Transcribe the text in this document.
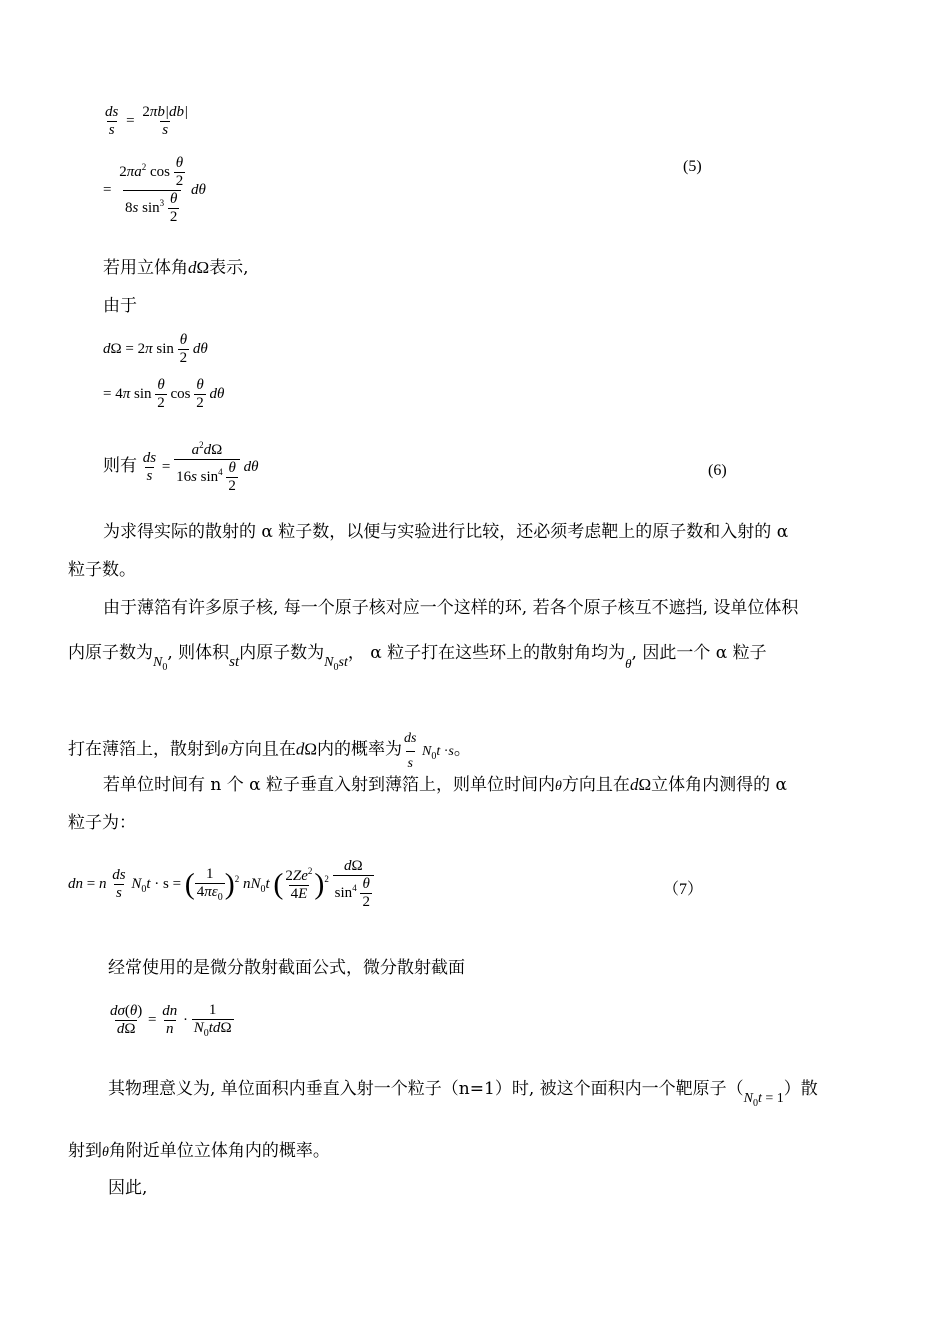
$\frac{ds}{s} = \frac{2\pi b|db|}{s}$
= $\frac{2\pi a^2 \cos \frac{\theta}{2}}{8s \sin^3 \frac{\theta}{2}}$ dθ
(5)
若用立体角dΩ表示,
由于
dΩ = 2π $\sin \frac{\theta}{2}$ dθ
= 4π $\sin \frac{\theta}{2}$ $\cos \frac{\theta}{2}$ dθ
则有 $\frac{ds}{s} = \frac{a^2d\Omega}{16s \sin^4 \frac{\theta}{2}}$ dθ	(6)
为求得实际的散射的 α 粒子数，以便与实验进行比较，还必须考虑靶上的原子数和入射的 α
粒子数。
由于薄箔有许多原子核, 每一个原子核对应一个这样的环, 若各个原子核互不遮挡, 设单位体积
内原子数为$_{N_0}$, 则体积st内原子数为$_{N_0st}$， α 粒子打在这些环上的散射角均为$_\theta$, 因此一个 α 粒子
打在薄箔上，散射到θ方向且在dΩ内的概率为 $\frac{ds}{s} N_0t \cdot s$。
若单位时间有 n 个 α 粒子垂直入射到薄箔上，则单位时间内θ方向且在dΩ立体角内测得的 α
粒子为：
dn = n $\frac{ds}{s} N_0t \cdot s$ = ( $\frac{1}{4\pi\varepsilon_0} )^2$ $nN_0t$ ( $\frac{2Ze^2}{4E} )^2 \frac{d\Omega}{\sin^4 \frac{\theta}{2}}$	（7）
经常使用的是微分散射截面公式，微分散射截面
$\frac{d\sigma(\theta)}{d\Omega} = \frac{dn}{n} \cdot \frac{1}{N_0td\Omega}$
其物理意义为, 单位面积内垂直入射一个粒子（n=1）时, 被这个面积内一个靶原子$(_{N_0t = 1})$散
射到θ角附近单位立体角内的概率。
因此,
